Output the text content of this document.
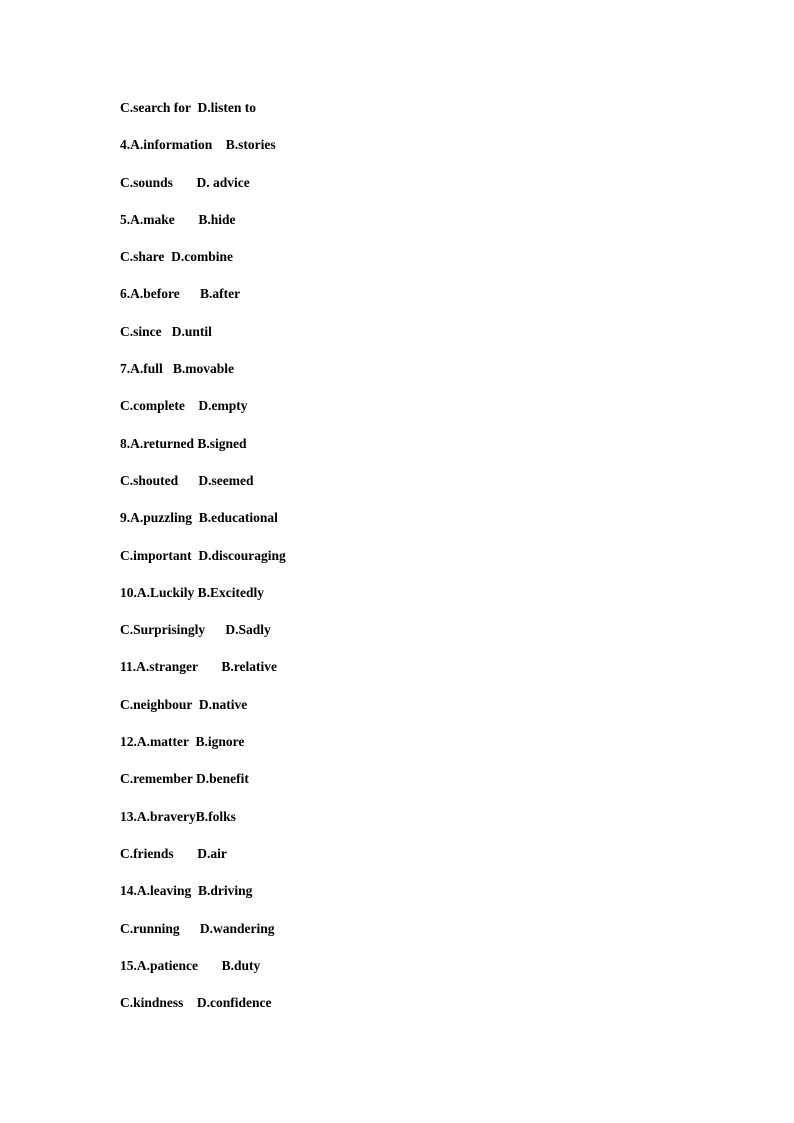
C.search for  D.listen to
4.A.information    B.stories
C.sounds       D. advice
5.A.make       B.hide
C.share  D.combine
6.A.before      B.after
C.since   D.until
7.A.full   B.movable
C.complete    D.empty
8.A.returned B.signed
C.shouted      D.seemed
9.A.puzzling  B.educational
C.important  D.discouraging
10.A.Luckily B.Excitedly
C.Surprisingly      D.Sadly
11.A.stranger       B.relative
C.neighbour  D.native
12.A.matter  B.ignore
C.remember D.benefit
13.A.braveryB.folks
C.friends       D.air
14.A.leaving  B.driving
C.running      D.wandering
15.A.patience       B.duty
C.kindness    D.confidence
